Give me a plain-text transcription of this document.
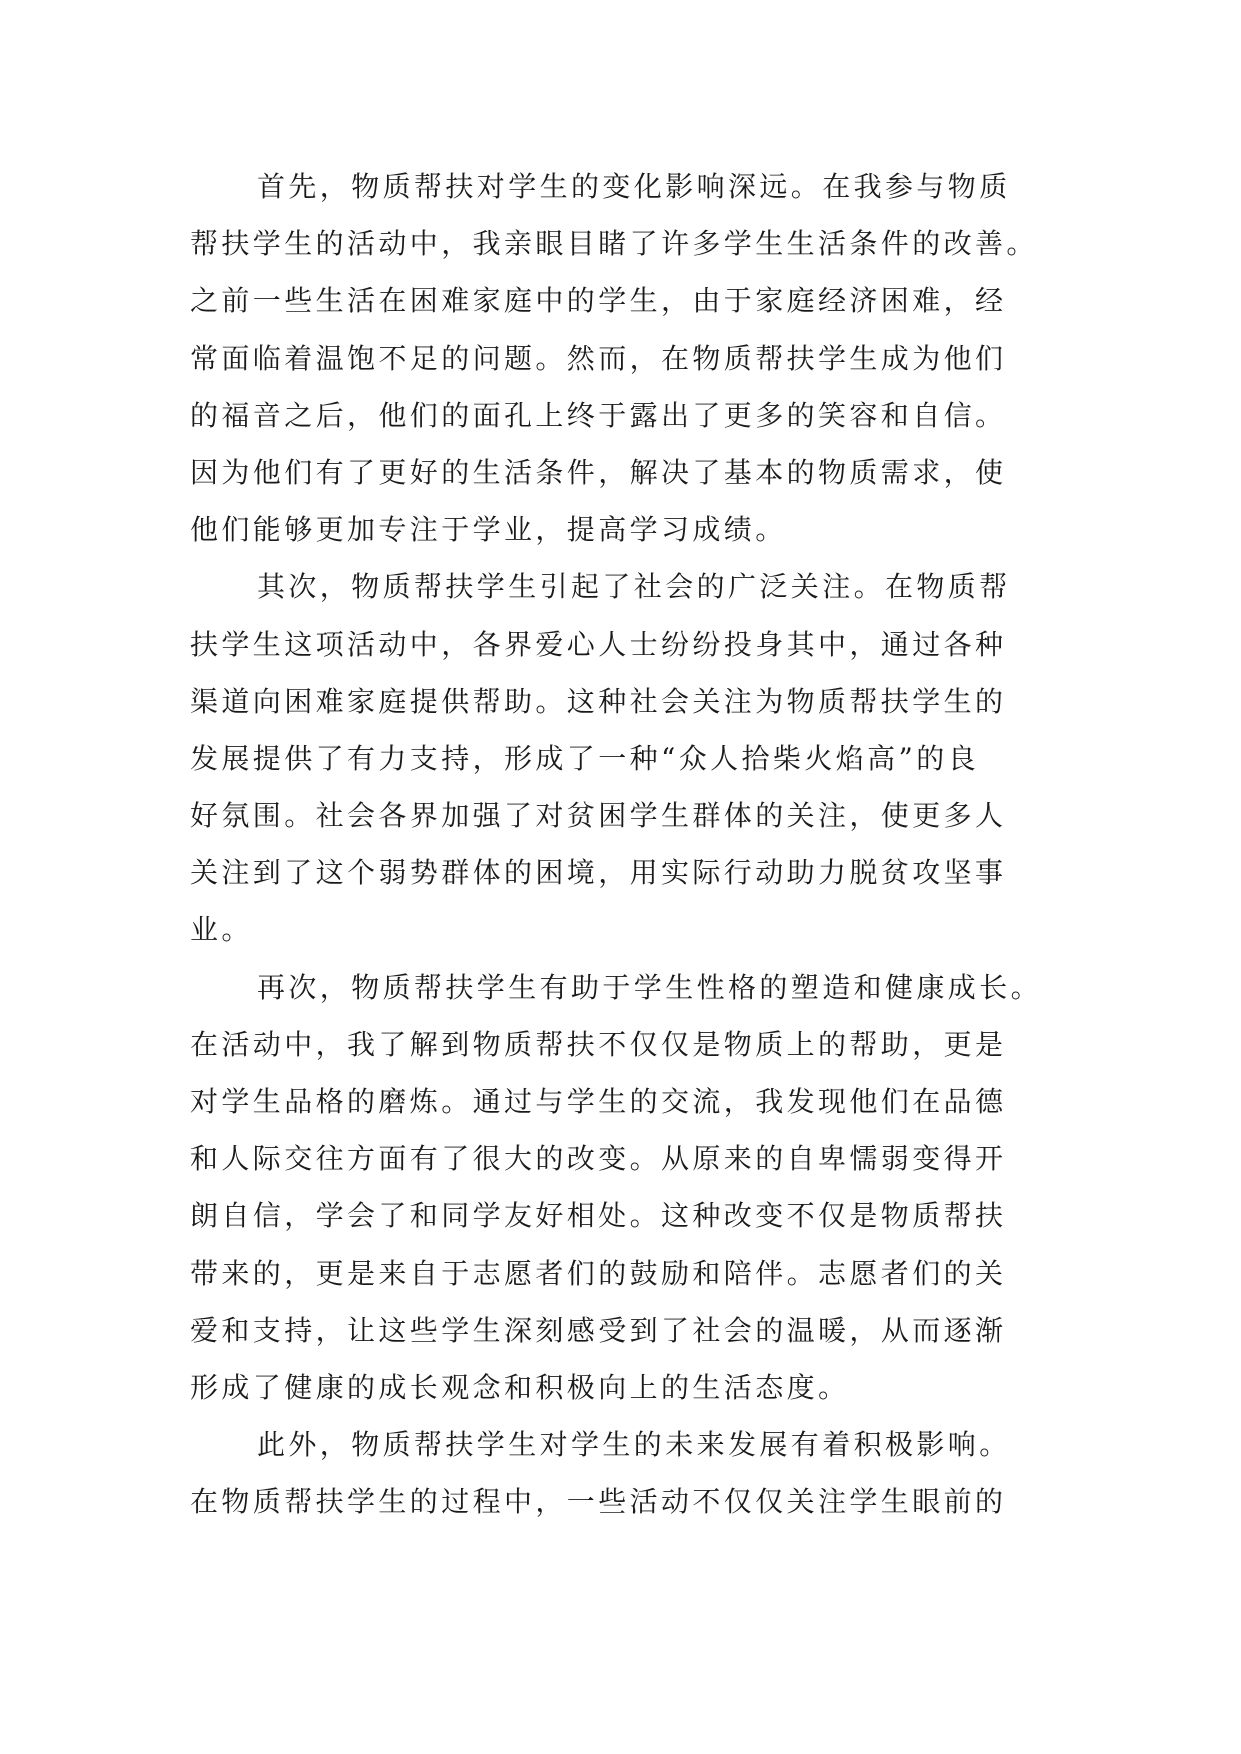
首先，物质帮扶对学生的变化影响深远。在我参与物质
帮扶学生的活动中，我亲眼目睹了许多学生生活条件的改善。
之前一些生活在困难家庭中的学生，由于家庭经济困难，经
常面临着温饱不足的问题。然而，在物质帮扶学生成为他们
的福音之后，他们的面孔上终于露出了更多的笑容和自信。
因为他们有了更好的生活条件，解决了基本的物质需求，使
他们能够更加专注于学业，提高学习成绩。
其次，物质帮扶学生引起了社会的广泛关注。在物质帮
扶学生这项活动中，各界爱心人士纷纷投身其中，通过各种
渠道向困难家庭提供帮助。这种社会关注为物质帮扶学生的
发展提供了有力支持，形成了一种“众人拾柴火焰高”的良
好氛围。社会各界加强了对贫困学生群体的关注，使更多人
关注到了这个弱势群体的困境，用实际行动助力脱贫攻坚事
业。
再次，物质帮扶学生有助于学生性格的塑造和健康成长。
在活动中，我了解到物质帮扶不仅仅是物质上的帮助，更是
对学生品格的磨炼。通过与学生的交流，我发现他们在品德
和人际交往方面有了很大的改变。从原来的自卑懦弱变得开
朗自信，学会了和同学友好相处。这种改变不仅是物质帮扶
带来的，更是来自于志愿者们的鼓励和陪伴。志愿者们的关
爱和支持，让这些学生深刻感受到了社会的温暖，从而逐渐
形成了健康的成长观念和积极向上的生活态度。
此外，物质帮扶学生对学生的未来发展有着积极影响。
在物质帮扶学生的过程中，一些活动不仅仅关注学生眼前的
